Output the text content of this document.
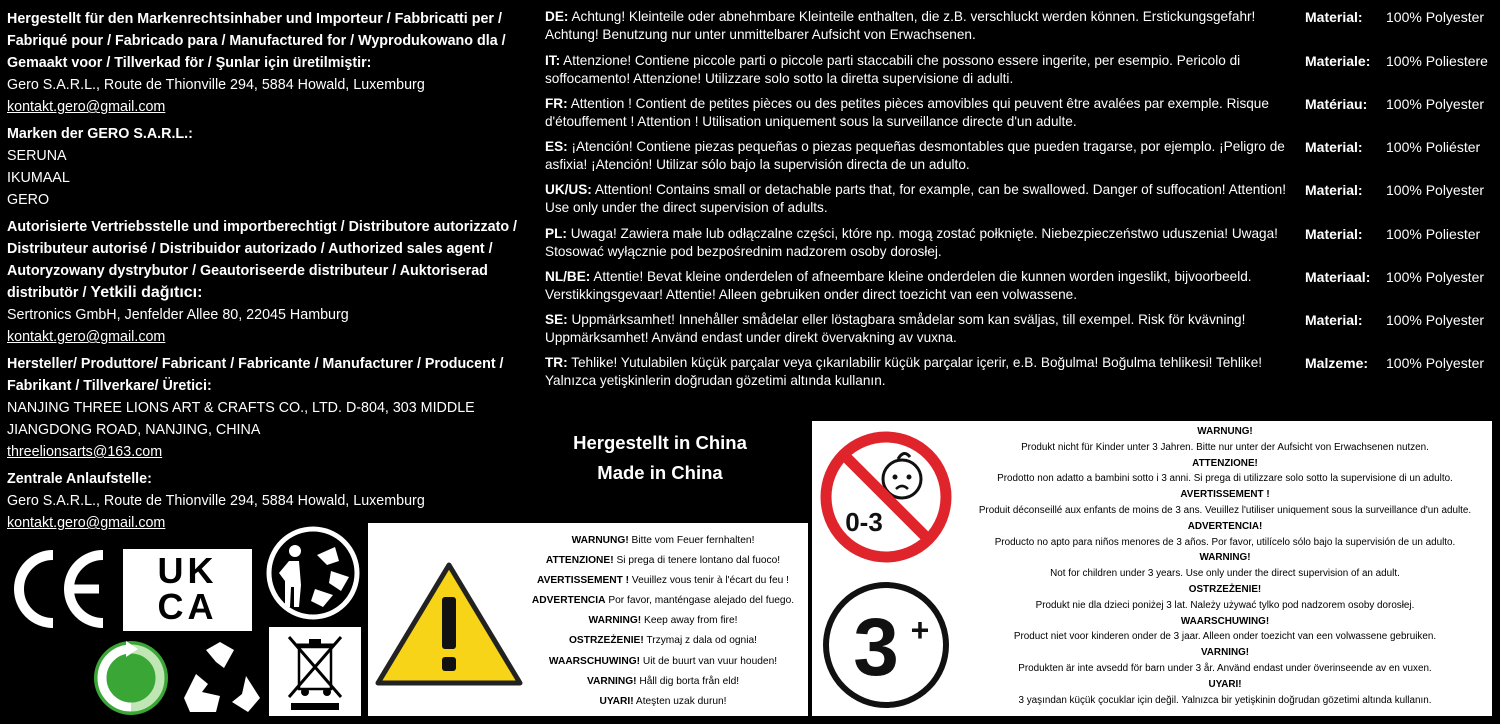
Hergestellt für den Markenrechtsinhaber und Importeur / Fabbricatti per / Fabriqué pour / Fabricado para / Manufactured for / Wyprodukowano dla / Gemaakt voor / Tillverkad för / Şunlar için üretilmiştir:
Gero S.A.R.L., Route de Thionville 294, 5884 Howald, Luxemburg
kontakt.gero@gmail.com
Marken der GERO S.A.R.L.:
SERUNA
IKUMAAL
GERO
Autorisierte Vertriebsstelle und importberechtigt / Distributore autorizzato / Distributeur autorisé / Distribuidor autorizado / Authorized sales agent / Autoryzowany dystrybutor / Geautoriseerde distributeur / Auktoriserad distributör / Yetkili dağıtıcı:
Sertronics GmbH, Jenfelder Allee 80, 22045 Hamburg
kontakt.gero@gmail.com
Hersteller/ Produttore/ Fabricant / Fabricante / Manufacturer / Producent / Fabrikant / Tillverkare/ Üretici:
NANJING THREE LIONS ART & CRAFTS CO., LTD. D-804, 303 MIDDLE JIANGDONG ROAD, NANJING, CHINA
threelionsarts@163.com
Zentrale Anlaufstelle:
Gero S.A.R.L., Route de Thionville 294, 5884 Howald, Luxemburg
kontakt.gero@gmail.com
DE: Achtung! Kleinteile oder abnehmbare Kleinteile enthalten, die z.B. verschluckt werden können. Erstickungsgefahr! Achtung! Benutzung nur unter unmittelbarer Aufsicht von Erwachsenen.
Material: 100% Polyester
IT: Attenzione! Contiene piccole parti o piccole parti staccabili che possono essere ingerite, per esempio. Pericolo di soffocamento! Attenzione! Utilizzare solo sotto la diretta supervisione di adulti.
Materiale: 100% Poliestere
FR: Attention ! Contient de petites pièces ou des petites pièces amovibles qui peuvent être avalées par exemple. Risque d'étouffement ! Attention ! Utilisation uniquement sous la surveillance directe d'un adulte.
Matériau: 100% Polyester
ES: ¡Atención! Contiene piezas pequeñas o piezas pequeñas desmontables que pueden tragarse, por ejemplo. ¡Peligro de asfixia! ¡Atención! Utilizar sólo bajo la supervisión directa de un adulto.
Material: 100% Poliéster
UK/US: Attention! Contains small or detachable parts that, for example, can be swallowed. Danger of suffocation! Attention! Use only under the direct supervision of adults.
Material: 100% Polyester
PL: Uwaga! Zawiera małe lub odłączalne części, które np. mogą zostać połknięte. Niebezpieczeństwo uduszenia! Uwaga! Stosować wyłącznie pod bezpośrednim nadzorem osoby dorosłej.
Material: 100% Poliester
NL/BE: Attentie! Bevat kleine onderdelen of afneembare kleine onderdelen die kunnen worden ingeslikt, bijvoorbeeld. Verstikkingsgevaar! Attentie! Alleen gebruiken onder direct toezicht van een volwassene.
Materiaal: 100% Polyester
SE: Uppmärksamhet! Innehåller smådelar eller löstagbara smådelar som kan sväljas, till exempel. Risk för kvävning! Uppmärksamhet! Använd endast under direkt övervakning av vuxna.
Material: 100% Polyester
TR: Tehlike! Yutulabilen küçük parçalar veya çıkarılabilir küçük parçalar içerir, e.B. Boğulma! Boğulma tehlikesi! Tehlike! Yalnızca yetişkinlerin doğrudan gözetimi altında kullanın.
Malzeme: 100% Polyester
Hergestellt in China
Made in China
UK
CA
WARNUNG! Bitte vom Feuer fernhalten!
ATTENZIONE! Si prega di tenere lontano dal fuoco!
AVERTISSEMENT ! Veuillez vous tenir à l'écart du feu !
ADVERTENCIA Por favor, manténgase alejado del fuego.
WARNING! Keep away from fire!
OSTRZEŻENIE! Trzymaj z dala od ognia!
WAARSCHUWING! Uit de buurt van vuur houden!
VARNING! Håll dig borta från eld!
UYARI! Ateşten uzak durun!
0-3
3 +
WARNUNG!
Produkt nicht für Kinder unter 3 Jahren. Bitte nur unter der Aufsicht von Erwachsenen nutzen.
ATTENZIONE!
Prodotto non adatto a bambini sotto i 3 anni. Si prega di utilizzare solo sotto la supervisione di un adulto.
AVERTISSEMENT !
Produit déconseillé aux enfants de moins de 3 ans. Veuillez l'utiliser uniquement sous la surveillance d'un adulte.
ADVERTENCIA!
Producto no apto para niños menores de 3 años. Por favor, utilícelo sólo bajo la supervisión de un adulto.
WARNING!
Not for children under 3 years. Use only under the direct supervision of an adult.
OSTRZEŻENIE!
Produkt nie dla dzieci poniżej 3 lat. Należy używać tylko pod nadzorem osoby dorosłej.
WAARSCHUWING!
Product niet voor kinderen onder de 3 jaar. Alleen onder toezicht van een volwassene gebruiken.
VARNING!
Produkten är inte avsedd för barn under 3 år. Använd endast under överinseende av en vuxen.
UYARI!
3 yaşından küçük çocuklar için değil. Yalnızca bir yetişkinin doğrudan gözetimi altında kullanın.
